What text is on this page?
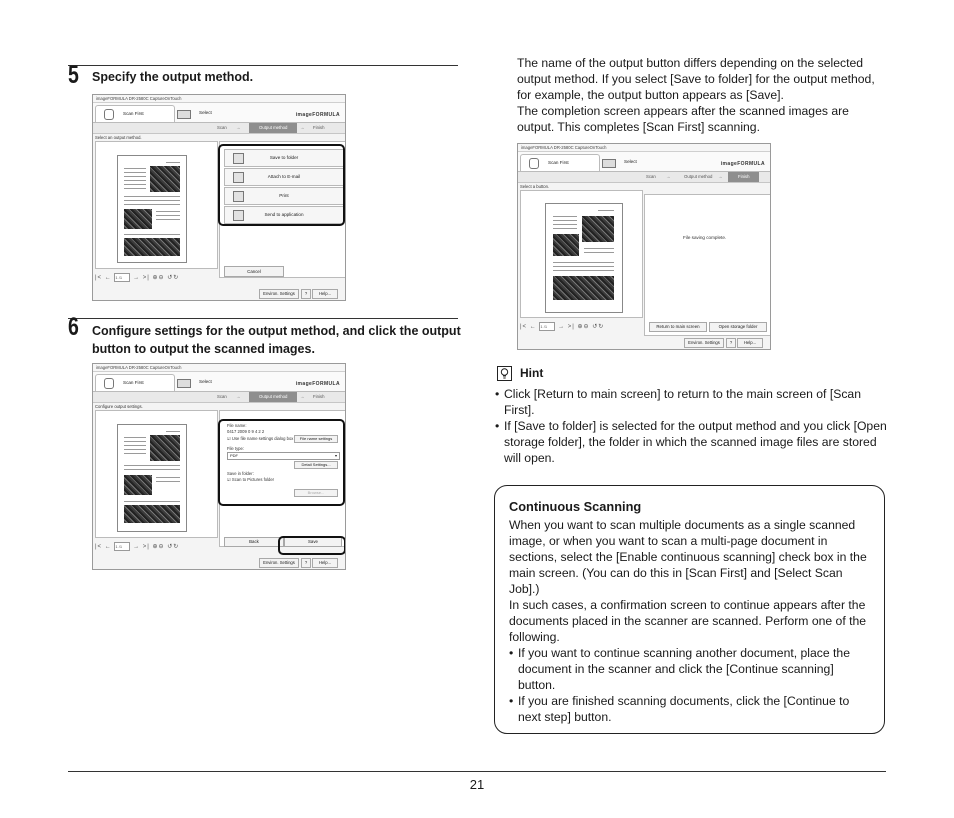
5 Specify the output method.
imageFORMULA DR-2580C CaptureOnTouch
Scan First	Select	imageFORMULA
Scan →	Output method	→ Finish
Select an output method.
|< ← 1 /1 → >| ⊕⊖ ↺↻
Save to folder
Attach to E-mail
Print
Send to application
Cancel
Environ. Settings	?	Help...
6 Configure settings for the output method, and click the output button to output the scanned images.
imageFORMULA DR-2580C CaptureOnTouch
Scan First	Select	imageFORMULA
Scan →	Output method	→ Finish
Configure output settings.
|< ← 1 /1 → >| ⊕⊖ ↺↻
File name:
0417 2009 0 9 4 2 2
☑ Use file name settings dialog box	File name settings
File type:
PDF	▾
Detail Settings...
Save in folder:
☑ Scan to Pictures folder
Browse...
Back	Save
Environ. Settings	?	Help...

The name of the output button differs depending on the selected output method. If you select [Save to folder] for the output method, for example, the output button appears as [Save].

The completion screen appears after the scanned images are output. This completes [Scan First] scanning.

imageFORMULA DR-2580C CaptureOnTouch
Scan First	Select	imageFORMULA
Scan →	Output method →	Finish
Select a button.
|< ← 1 /1 → >| ⊕⊖ ↺↻
File saving complete.
Return to main screen	Open storage folder
Environ. Settings	?	Help...
Hint
• Click [Return to main screen] to return to the main screen of [Scan First].
• If [Save to folder] is selected for the output method and you click [Open storage folder], the folder in which the scanned image files are stored will open.
Continuous Scanning

When you want to scan multiple documents as a single scanned image, or when you want to scan a multi-page document in sections, select the [Enable continuous scanning] check box in the main screen. (You can do this in [Scan First] and [Select Scan Job].)

In such cases, a confirmation screen to continue appears after the documents placed in the scanner are scanned. Perform one of the following.

• If you want to continue scanning another document, place the document in the scanner and click the [Continue scanning] button.
• If you are finished scanning documents, click the [Continue to next step] button.
21
